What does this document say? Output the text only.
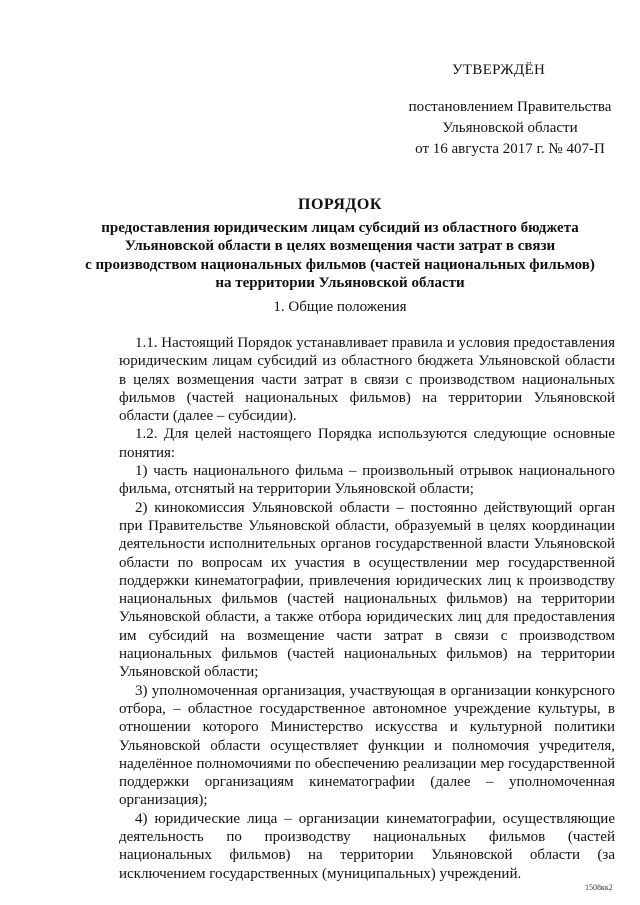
УТВЕРЖДЁН
постановлением Правительства
Ульяновской области
от 16 августа 2017 г. № 407-П
ПОРЯДОК
предоставления юридическим лицам субсидий из областного бюджета
Ульяновской области в целях возмещения части затрат в связи
с производством национальных фильмов (частей национальных фильмов)
на территории Ульяновской области
1. Общие положения

1.1. Настоящий Порядок устанавливает правила и условия предоставления юридическим лицам субсидий из областного бюджета Ульяновской области в целях возмещения части затрат в связи с производством национальных фильмов (частей национальных фильмов) на территории Ульяновской области (далее – субсидии).

1.2. Для целей настоящего Порядка используются следующие основные понятия:

1) часть национального фильма – произвольный отрывок национального фильма, отснятый на территории Ульяновской области;

2) кинокомиссия Ульяновской области – постоянно действующий орган при Правительстве Ульяновской области, образуемый в целях координации деятельности исполнительных органов государственной власти Ульяновской области по вопросам их участия в осуществлении мер государственной поддержки кинематографии, привлечения юридических лиц к производству национальных фильмов (частей национальных фильмов) на территории Ульяновской области, а также отбора юридических лиц для предоставления им субсидий на возмещение части затрат в связи с производством национальных фильмов (частей национальных фильмов) на территории Ульяновской области;

3) уполномоченная организация, участвующая в организации конкурсного отбора, – областное государственное автономное учреждение культуры, в отношении которого Министерство искусства и культурной политики Ульяновской области осуществляет функции и полномочия учредителя, наделённое полномочиями по обеспечению реализации мер государственной поддержки организациям кинематографии (далее – уполномоченная организация);

4) юридические лица – организации кинематографии, осуществляющие деятельность по производству национальных фильмов (частей национальных фильмов) на территории Ульяновской области (за исключением государственных (муниципальных) учреждений.

1508кк2
